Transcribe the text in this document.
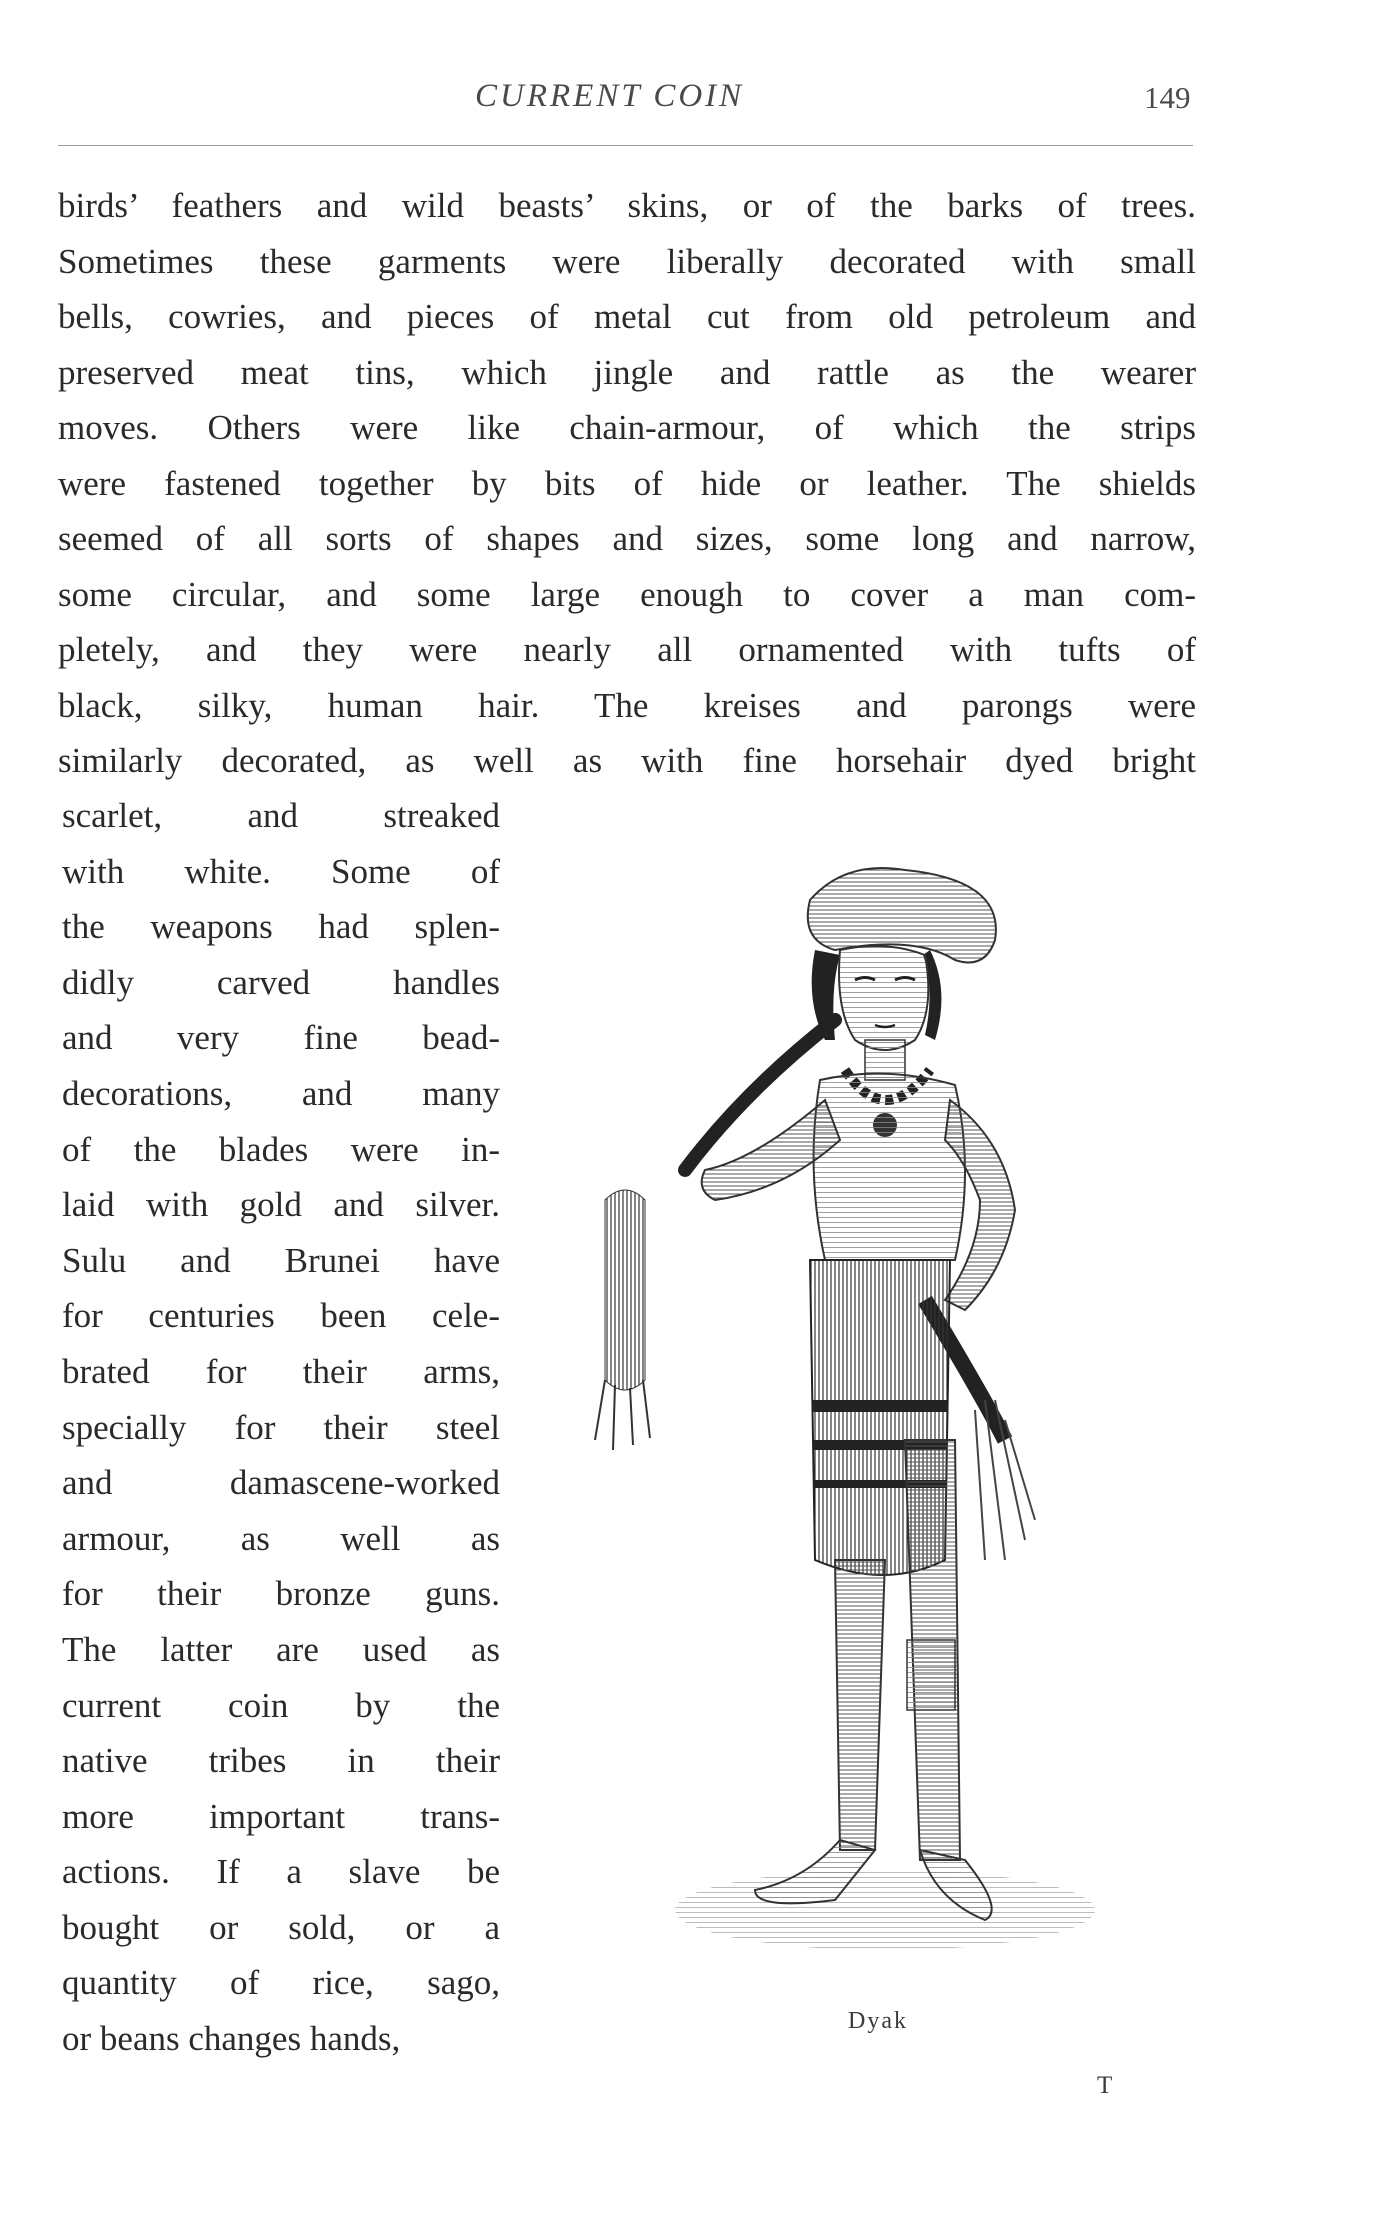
CURRENT COIN	149
birds’ feathers and wild beasts’ skins, or of the barks of trees.
Sometimes these garments were liberally decorated with small
bells, cowries, and pieces of metal cut from old petroleum and
preserved meat tins, which jingle and rattle as the wearer
moves. Others were like chain-armour, of which the strips
were fastened together by bits of hide or leather. The shields
seemed of all sorts of shapes and sizes, some long and narrow,
some circular, and some large enough to cover a man com-
pletely, and they were nearly all ornamented with tufts of
black, silky, human hair. The kreises and parongs were
similarly decorated, as well as with fine horsehair dyed bright
scarlet, and streaked
with white. Some of
the weapons had splen-
didly carved handles
and very fine bead-
decorations, and many
of the blades were in-
laid with gold and silver.
Sulu and Brunei have
for centuries been cele-
brated for their arms,
specially for their steel
and damascene-worked
armour, as well as
for their bronze guns.
The latter are used as
current coin by the
native tribes in their
more important trans-
actions. If a slave be
bought or sold, or a
quantity of rice, sago,
or beans changes hands,	Dyak
T
